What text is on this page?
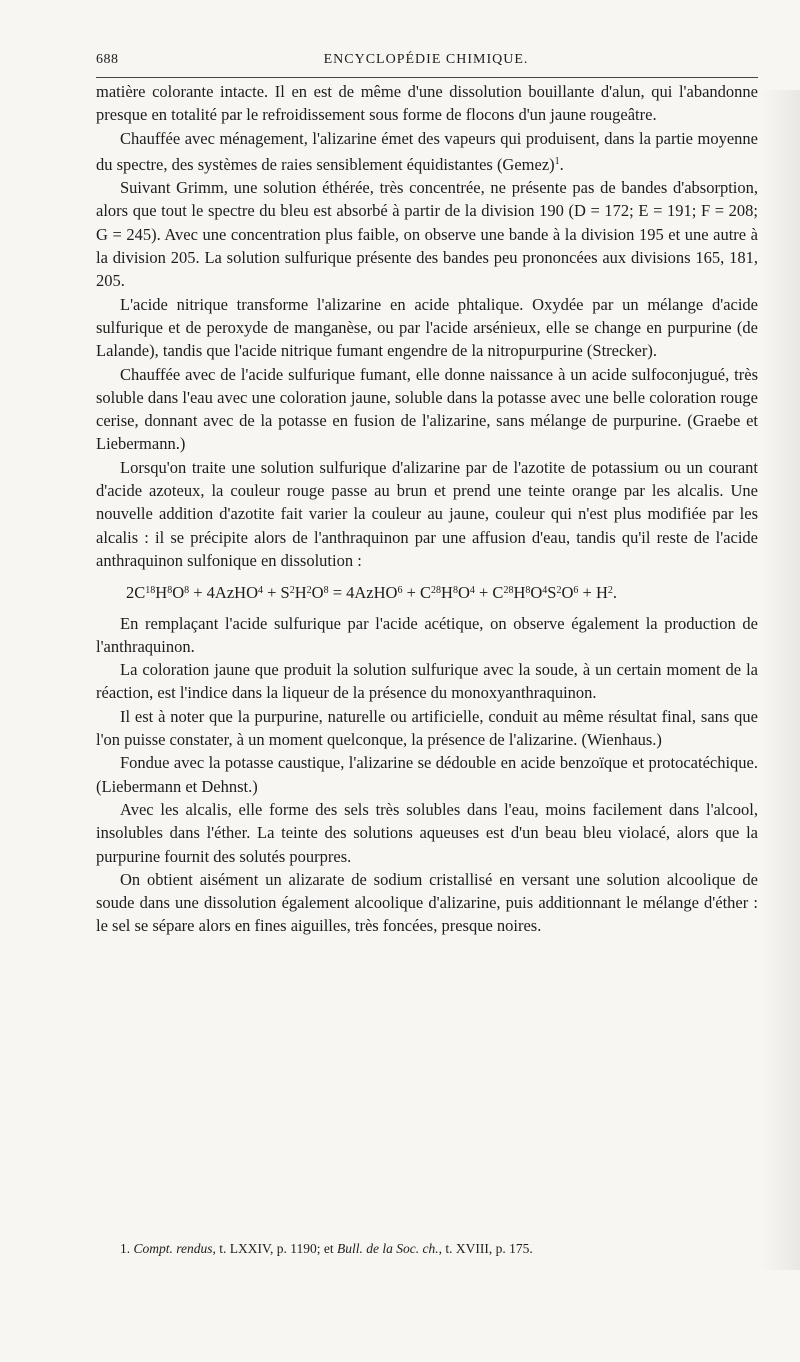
688	ENCYCLOPÉDIE CHIMIQUE.

matière colorante intacte. Il en est de même d'une dissolution bouillante d'alun, qui l'abandonne presque en totalité par le refroidissement sous forme de flocons d'un jaune rougeâtre.

Chauffée avec ménagement, l'alizarine émet des vapeurs qui produisent, dans la partie moyenne du spectre, des systèmes de raies sensiblement équidistantes (Gemez)$^1$.

Suivant Grimm, une solution éthérée, très concentrée, ne présente pas de bandes d'absorption, alors que tout le spectre du bleu est absorbé à partir de la division 190 (D = 172; E = 191; F = 208; G = 245). Avec une concentration plus faible, on observe une bande à la division 195 et une autre à la division 205. La solution sulfurique présente des bandes peu prononcées aux divisions 165, 181, 205.

L'acide nitrique transforme l'alizarine en acide phtalique. Oxydée par un mélange d'acide sulfurique et de peroxyde de manganèse, ou par l'acide arsénieux, elle se change en purpurine (de Lalande), tandis que l'acide nitrique fumant engendre de la nitropurpurine (Strecker).

Chauffée avec de l'acide sulfurique fumant, elle donne naissance à un acide sulfoconjugué, très soluble dans l'eau avec une coloration jaune, soluble dans la potasse avec une belle coloration rouge cerise, donnant avec de la potasse en fusion de l'alizarine, sans mélange de purpurine. (Graebe et Liebermann.)

Lorsqu'on traite une solution sulfurique d'alizarine par de l'azotite de potassium ou un courant d'acide azoteux, la couleur rouge passe au brun et prend une teinte orange par les alcalis. Une nouvelle addition d'azotite fait varier la couleur au jaune, couleur qui n'est plus modifiée par les alcalis : il se précipite alors de l'anthraquinon par une affusion d'eau, tandis qu'il reste de l'acide anthraquinon sulfonique en dissolution :

$2C^{18}H^8O^8$ + 4AzHO$^4$ + $S^2H^2O^8$ = 4AzHO$^6$ + $C^{28}H^8O^4 + C^{28}H^8O^4S^2O^6 + H^2$.

En remplaçant l'acide sulfurique par l'acide acétique, on observe également la production de l'anthraquinon.

La coloration jaune que produit la solution sulfurique avec la soude, à un certain moment de la réaction, est l'indice dans la liqueur de la présence du monoxyanthraquinon.

Il est à noter que la purpurine, naturelle ou artificielle, conduit au même résultat final, sans que l'on puisse constater, à un moment quelconque, la présence de l'alizarine. (Wienhaus.)

Fondue avec la potasse caustique, l'alizarine se dédouble en acide benzoïque et protocatéchique. (Liebermann et Dehnst.)

Avec les alcalis, elle forme des sels très solubles dans l'eau, moins facilement dans l'alcool, insolubles dans l'éther. La teinte des solutions aqueuses est d'un beau bleu violacé, alors que la purpurine fournit des solutés pourpres.

On obtient aisément un alizarate de sodium cristallisé en versant une solution alcoolique de soude dans une dissolution également alcoolique d'alizarine, puis additionnant le mélange d'éther : le sel se sépare alors en fines aiguilles, très foncées, presque noires.

1. Compt. rendus, t. LXXIV, p. 1190; et Bull. de la Soc. ch., t. XVIII, p. 175.
